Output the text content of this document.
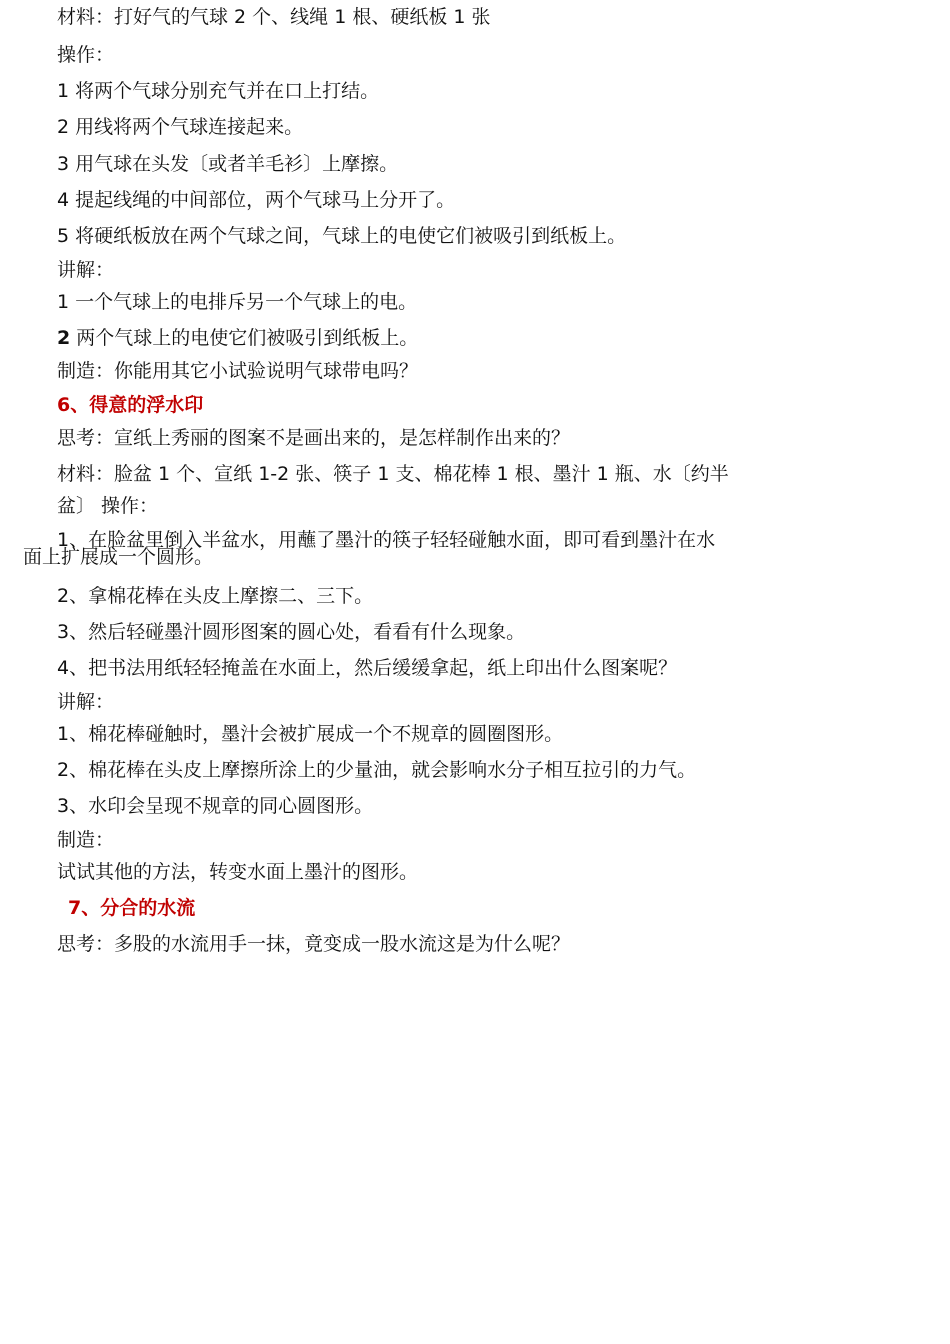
材料：打好气的气球 2 个、线绳 1 根、硬纸板 1 张
操作：
1 将两个气球分别充气并在口上打结。
2 用线将两个气球连接起来。
3 用气球在头发〔或者羊毛衫〕上摩擦。
4 提起线绳的中间部位，两个气球马上分开了。
5 将硬纸板放在两个气球之间，气球上的电使它们被吸引到纸板上。
讲解：
1 一个气球上的电排斥另一个气球上的电。
2 两个气球上的电使它们被吸引到纸板上。
制造：你能用其它小试验说明气球带电吗？
6、得意的浮水印
思考：宣纸上秀丽的图案不是画出来的，是怎样制作出来的？
材料：脸盆 1 个、宣纸 1-2 张、筷子 1 支、棉花棒 1 根、墨汁 1 瓶、水〔约半
盆〕 操作：
1、在脸盆里倒入半盆水，用蘸了墨汁的筷子轻轻碰触水面，即可看到墨汁在水
面上扩展成一个圆形。
2、拿棉花棒在头皮上摩擦二、三下。
3、然后轻碰墨汁圆形图案的圆心处，看看有什么现象。
4、把书法用纸轻轻掩盖在水面上，然后缓缓拿起，纸上印出什么图案呢？
讲解：
1、棉花棒碰触时，墨汁会被扩展成一个不规章的圆圈图形。
2、棉花棒在头皮上摩擦所涂上的少量油，就会影响水分子相互拉引的力气。
3、水印会呈现不规章的同心圆图形。
制造：
试试其他的方法，转变水面上墨汁的图形。
7、分合的水流
思考：多股的水流用手一抹，竟变成一股水流这是为什么呢？
